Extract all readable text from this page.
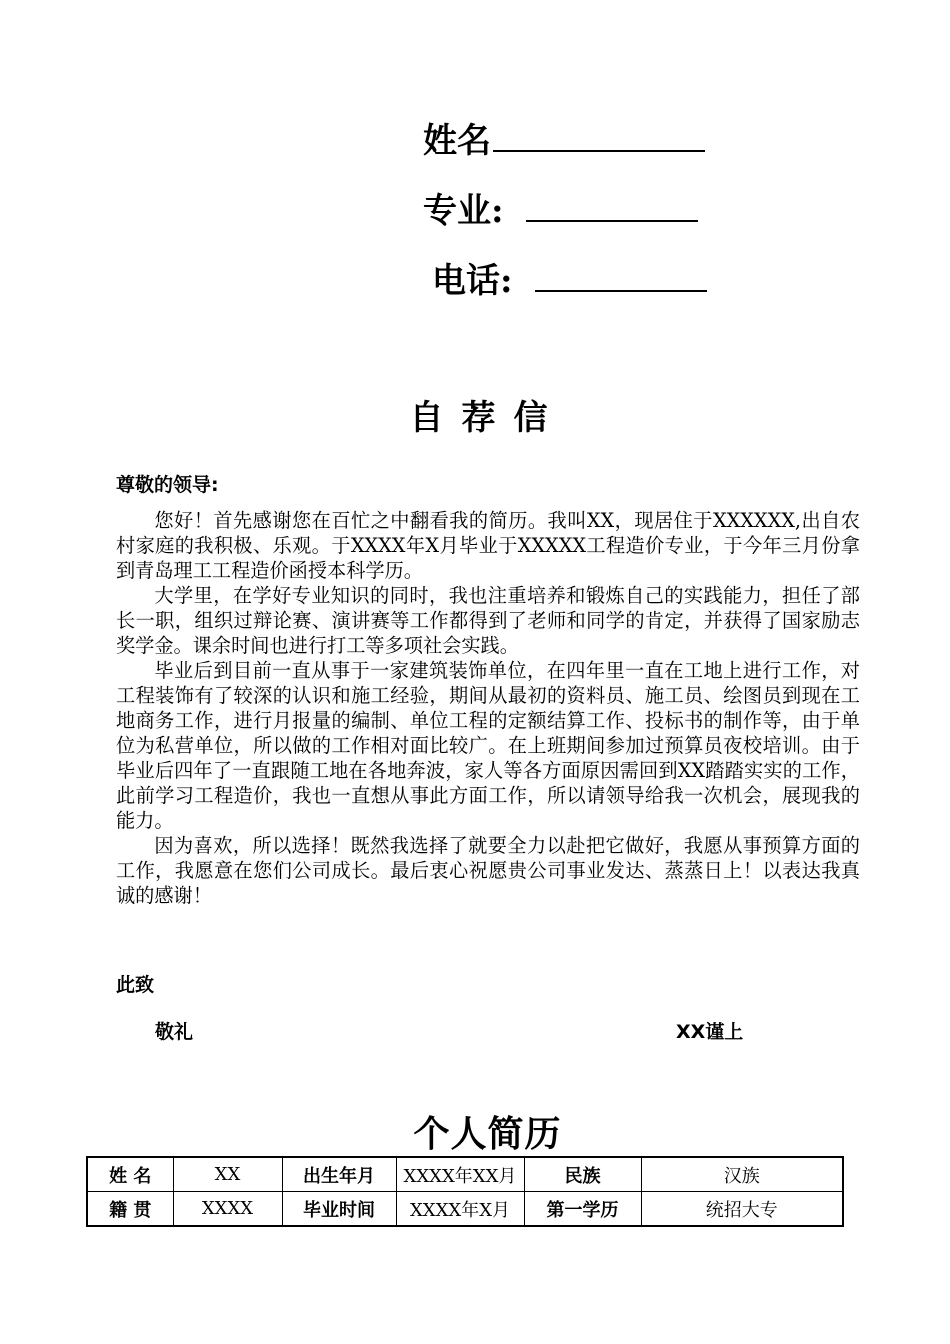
姓名
专业:
电话:
自荐信
尊敬的领导:

您好！首先感谢您在百忙之中翻看我的简历。我叫XX，现居住于XXXXXX,出自农村家庭的我积极、乐观。于XXXX年X月毕业于XXXXX工程造价专业，于今年三月份拿到青岛理工工程造价函授本科学历。

大学里，在学好专业知识的同时，我也注重培养和锻炼自己的实践能力，担任了部长一职，组织过辩论赛、演讲赛等工作都得到了老师和同学的肯定，并获得了国家励志奖学金。课余时间也进行打工等多项社会实践。

毕业后到目前一直从事于一家建筑装饰单位，在四年里一直在工地上进行工作，对工程装饰有了较深的认识和施工经验，期间从最初的资料员、施工员、绘图员到现在工地商务工作，进行月报量的编制、单位工程的定额结算工作、投标书的制作等，由于单位为私营单位，所以做的工作相对面比较广。在上班期间参加过预算员夜校培训。由于毕业后四年了一直跟随工地在各地奔波，家人等各方面原因需回到XX踏踏实实的工作，此前学习工程造价，我也一直想从事此方面工作，所以请领导给我一次机会，展现我的能力。

因为喜欢，所以选择！既然我选择了就要全力以赴把它做好，我愿从事预算方面的工作，我愿意在您们公司成长。最后衷心祝愿贵公司事业发达、蒸蒸日上！以表达我真诚的感谢！

此致
敬礼	XX谨上
个人简历
姓 名	XX	出生年月	XXXX年XX月	民族	汉族
籍 贯	XXXX	毕业时间	XXXX年X月	第一学历	统招大专
